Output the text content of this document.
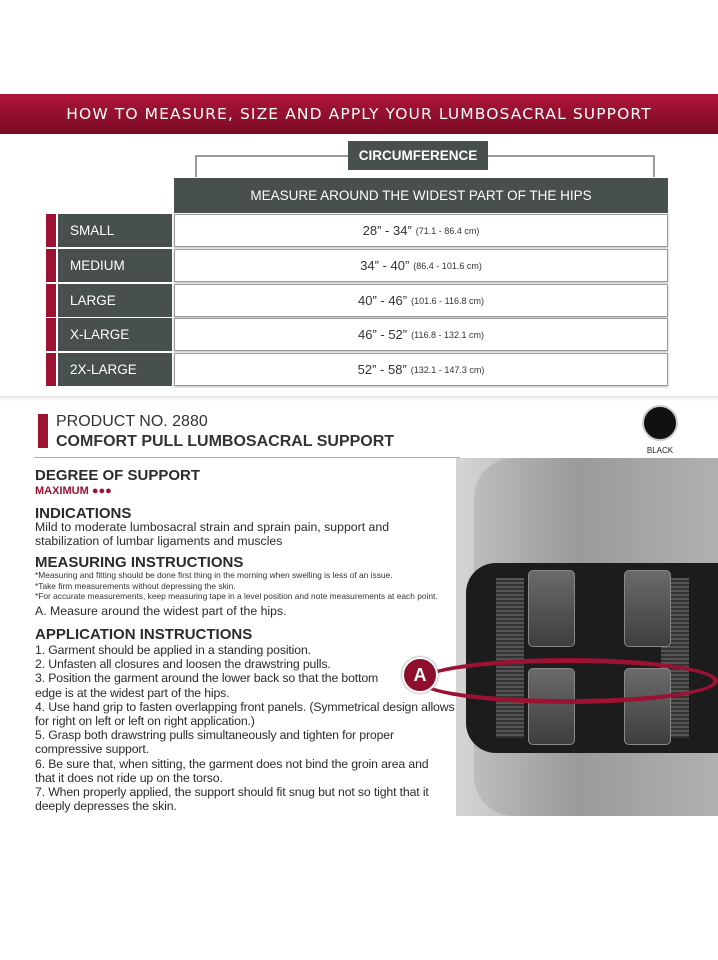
HOW TO MEASURE, SIZE AND APPLY YOUR LUMBOSACRAL SUPPORT
CIRCUMFERENCE
MEASURE AROUND THE WIDEST PART OF THE HIPS
SMALL	28” - 34” (71.1 - 86.4 cm)
MEDIUM	34” - 40” (86.4 - 101.6 cm)
LARGE	40” - 46” (101.6 - 116.8 cm)
X-LARGE	46” - 52” (116.8 - 132.1 cm)
2X-LARGE	52” - 58” (132.1 - 147.3 cm)
PRODUCT NO. 2880
COMFORT PULL LUMBOSACRAL SUPPORT
BLACK
DEGREE OF SUPPORT
MAXIMUM ●●●
INDICATIONS
Mild to moderate lumbosacral strain and sprain pain, support and
stabilization of lumbar ligaments and muscles
MEASURING INSTRUCTIONS
*Measuring and fitting should be done first thing in the morning when swelling is less of an issue.
*Take firm measurements without depressing the skin.
*For accurate measurements, keep measuring tape in a level position and note measurements at each point.
A. Measure around the widest part of the hips.
APPLICATION INSTRUCTIONS
A
1. Garment should be applied in a standing position.
2. Unfasten all closures and loosen the drawstring pulls.
3. Position the garment around the lower back so that the bottom
edge is at the widest part of the hips.
4. Use hand grip to fasten overlapping front panels. (Symmetrical design allows
for right on left or left on right application.)
5. Grasp both drawstring pulls simultaneously and tighten for proper
compressive support.
6. Be sure that, when sitting, the garment does not bind the groin area and
that it does not ride up on the torso.
7. When properly applied, the support should fit snug but not so tight that it
deeply depresses the skin.
